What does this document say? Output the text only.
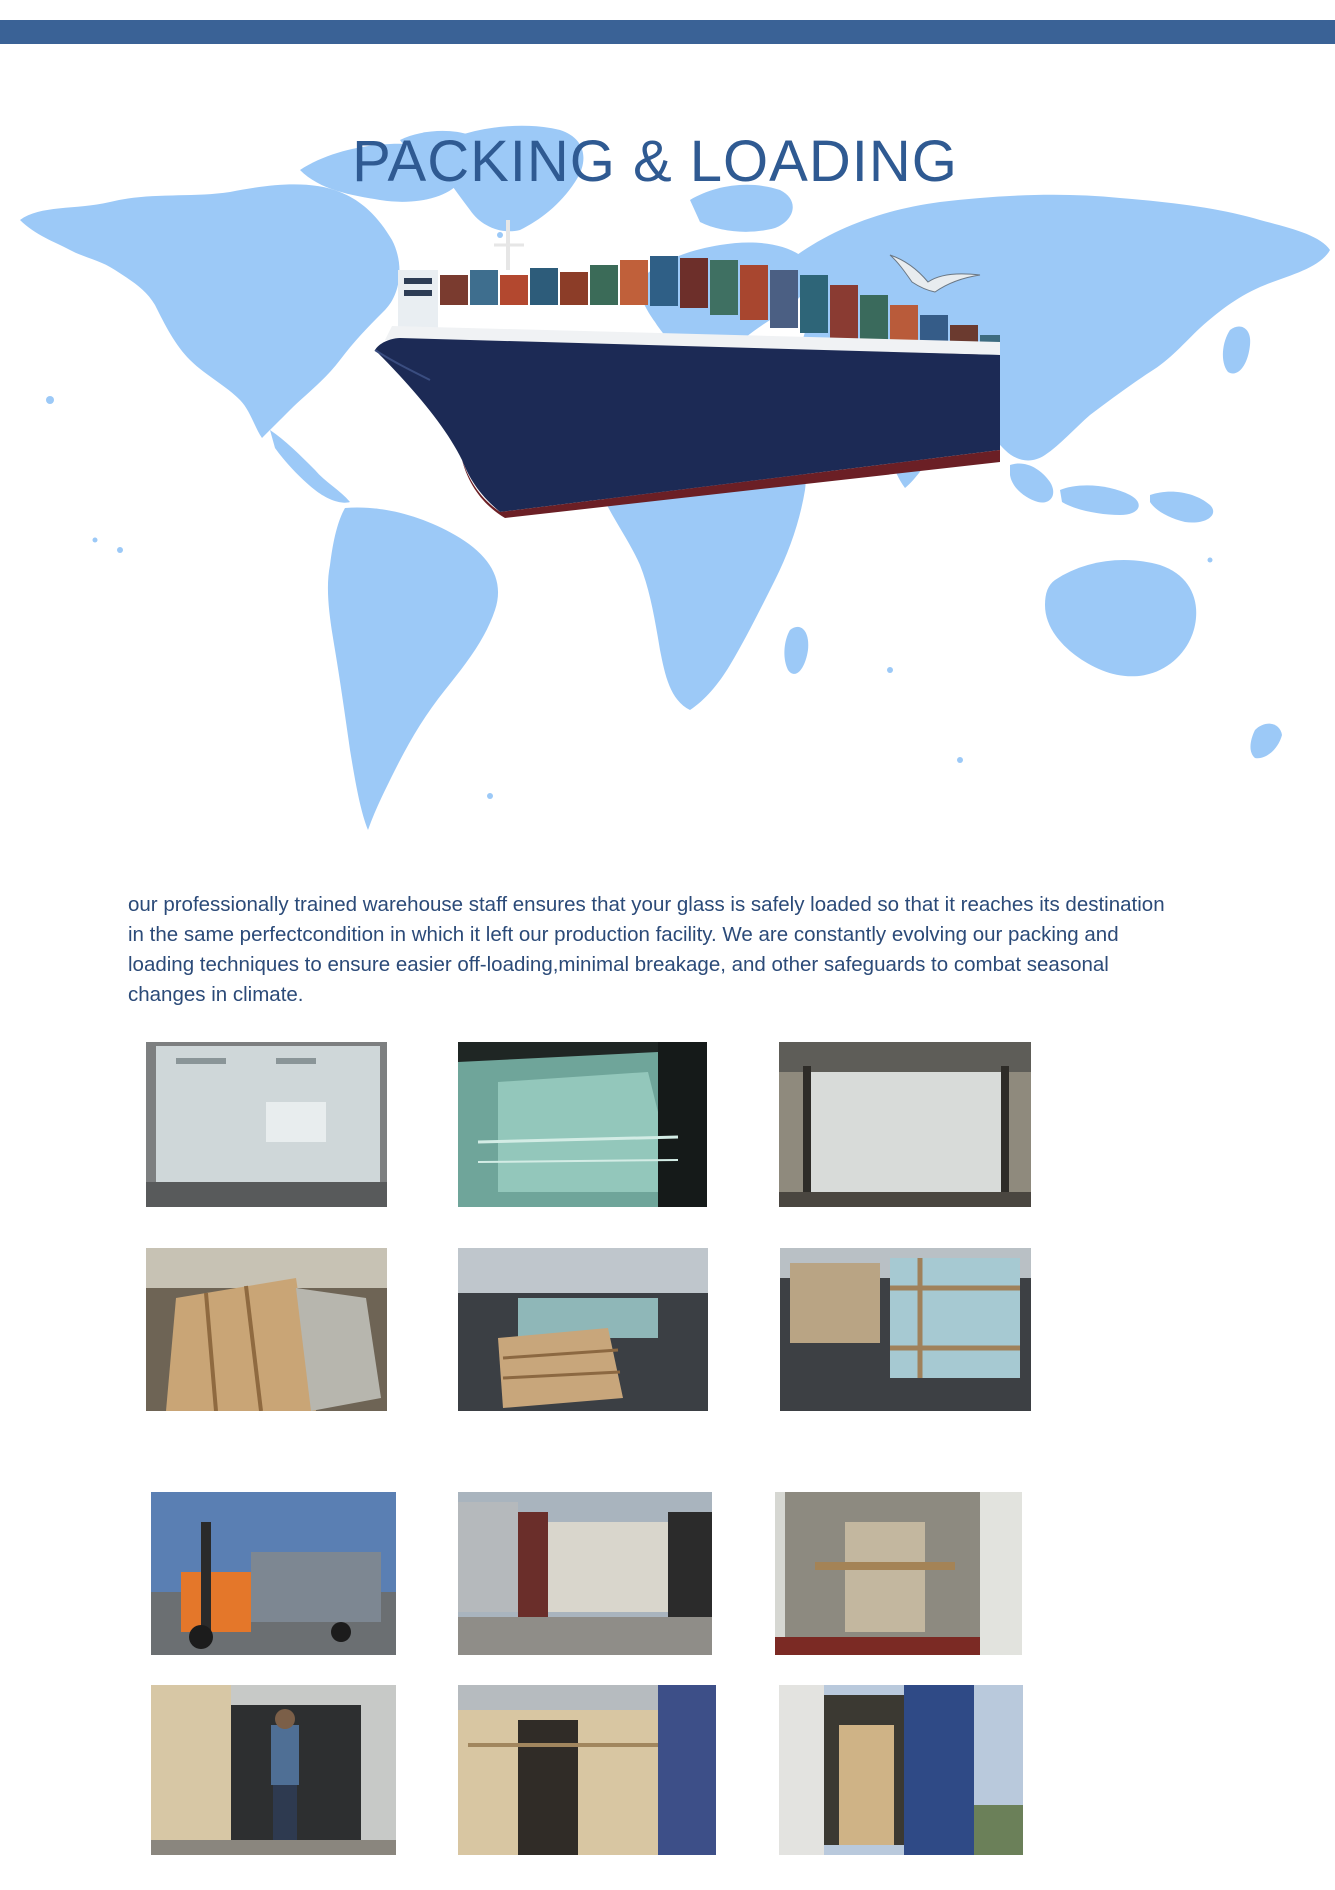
PACKING & LOADING

our professionally trained warehouse staff ensures that your glass is safely loaded so that it reaches its destination
in the same perfectcondition in which it left our production facility. We are constantly evolving our packing and
loading techniques to ensure easier off-loading,minimal breakage, and other safeguards to combat seasonal
changes in climate.
